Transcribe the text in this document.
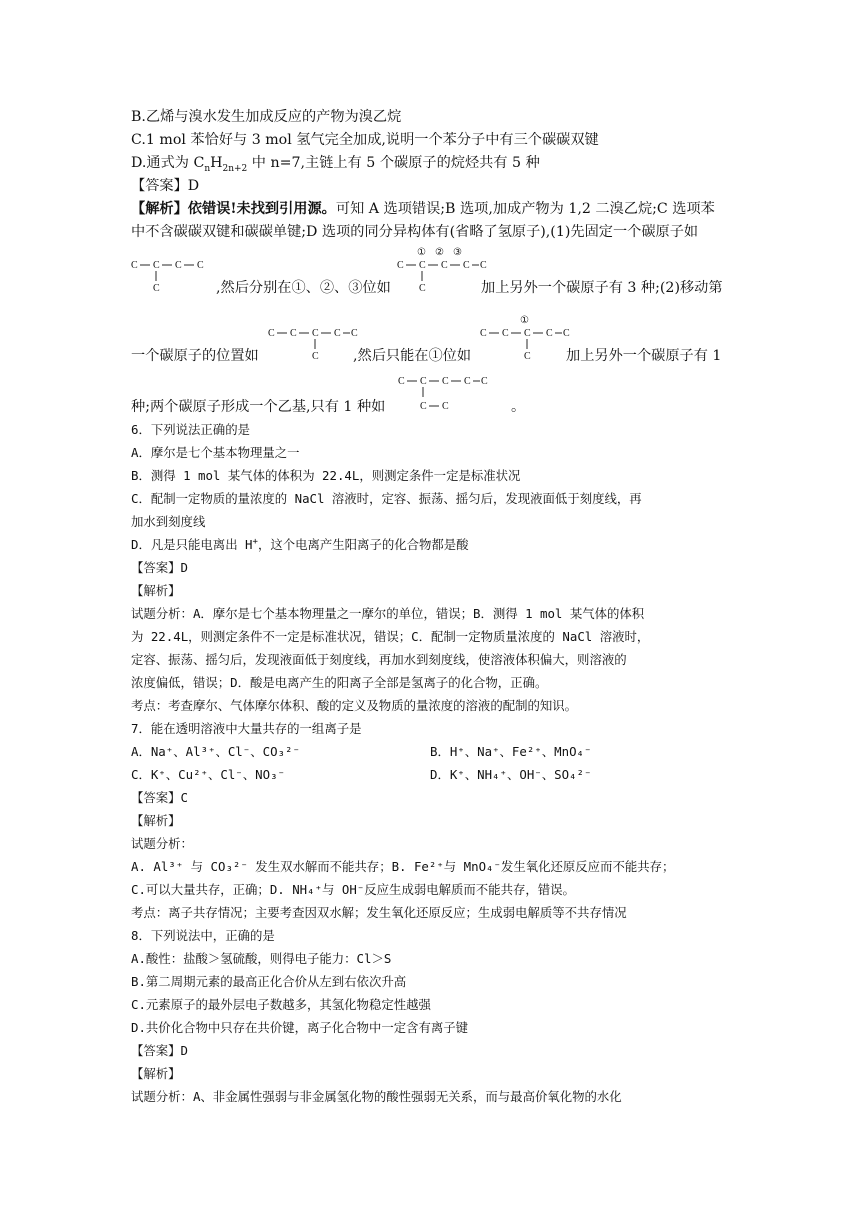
B.乙烯与溴水发生加成反应的产物为溴乙烷
C.1 mol 苯恰好与 3 mol 氢气完全加成,说明一个苯分子中有三个碳碳双键
D.通式为 $C_nH_{2n+2}$ 中 n=7,主链上有 5 个碳原子的烷烃共有 5 种
【答案】D
【解析】依错误!未找到引用源。可知 A 选项错误;B 选项,加成产物为 1,2 二溴乙烷;C 选项苯
中不含碳碳双键和碳碳单键;D 选项的同分异构体有(省略了氢原子),(1)先固定一个碳原子如
C C C C
C	,然后分别在①、②、③位如
① ② ③
C C C C C
C	加上另外一个碳原子有 3 种;(2)移动第
C C C C C
C
一个碳原子的位置如	,然后只能在①位如
①
C C C C C
C 加上另外一个碳原子有 1
C C C C C
C C
种;两个碳原子形成一个乙基,只有 1 种如	。
6．下列说法正确的是
A．摩尔是七个基本物理量之一
B．测得 1 mol 某气体的体积为 22.4L，则测定条件一定是标准状况
C．配制一定物质的量浓度的 NaCl 溶液时，定容、振荡、摇匀后，发现液面低于刻度线，再
加水到刻度线
D．凡是只能电离出 H+，这个电离产生阳离子的化合物都是酸
【答案】D
【解析】
试题分析：A．摩尔是七个基本物理量之一摩尔的单位，错误；B．测得 1 mol 某气体的体积
为 22.4L，则测定条件不一定是标准状况，错误；C．配制一定物质量浓度的 NaCl 溶液时，
定容、振荡、摇匀后，发现液面低于刻度线，再加水到刻度线，使溶液体积偏大，则溶液的
浓度偏低，错误；D．酸是电离产生的阳离子全部是氢离子的化合物，正确。
考点：考查摩尔、气体摩尔体积、酸的定义及物质的量浓度的溶液的配制的知识。
7．能在透明溶液中大量共存的一组离子是
A．Na⁺、Al³⁺、Cl⁻、CO₃²⁻	B．H⁺、Na⁺、Fe²⁺、MnO₄⁻
C．K⁺、Cu²⁺、Cl⁻、NO₃⁻	D．K⁺、NH₄⁺、OH⁻、SO₄²⁻
【答案】C
【解析】
试题分析：
A. Al³⁺ 与 CO₃²⁻ 发生双水解而不能共存；B. Fe²⁺与 MnO₄⁻发生氧化还原反应而不能共存；
C.可以大量共存，正确；D. NH₄⁺与 OH⁻反应生成弱电解质而不能共存，错误。
考点：离子共存情况；主要考查因双水解；发生氧化还原反应；生成弱电解质等不共存情况
8．下列说法中，正确的是
A.酸性：盐酸＞氢硫酸，则得电子能力：Cl＞S
B.第二周期元素的最高正化合价从左到右依次升高
C.元素原子的最外层电子数越多，其氢化物稳定性越强
D.共价化合物中只存在共价键，离子化合物中一定含有离子键
【答案】D
【解析】
试题分析：A、非金属性强弱与非金属氢化物的酸性强弱无关系，而与最高价氧化物的水化
